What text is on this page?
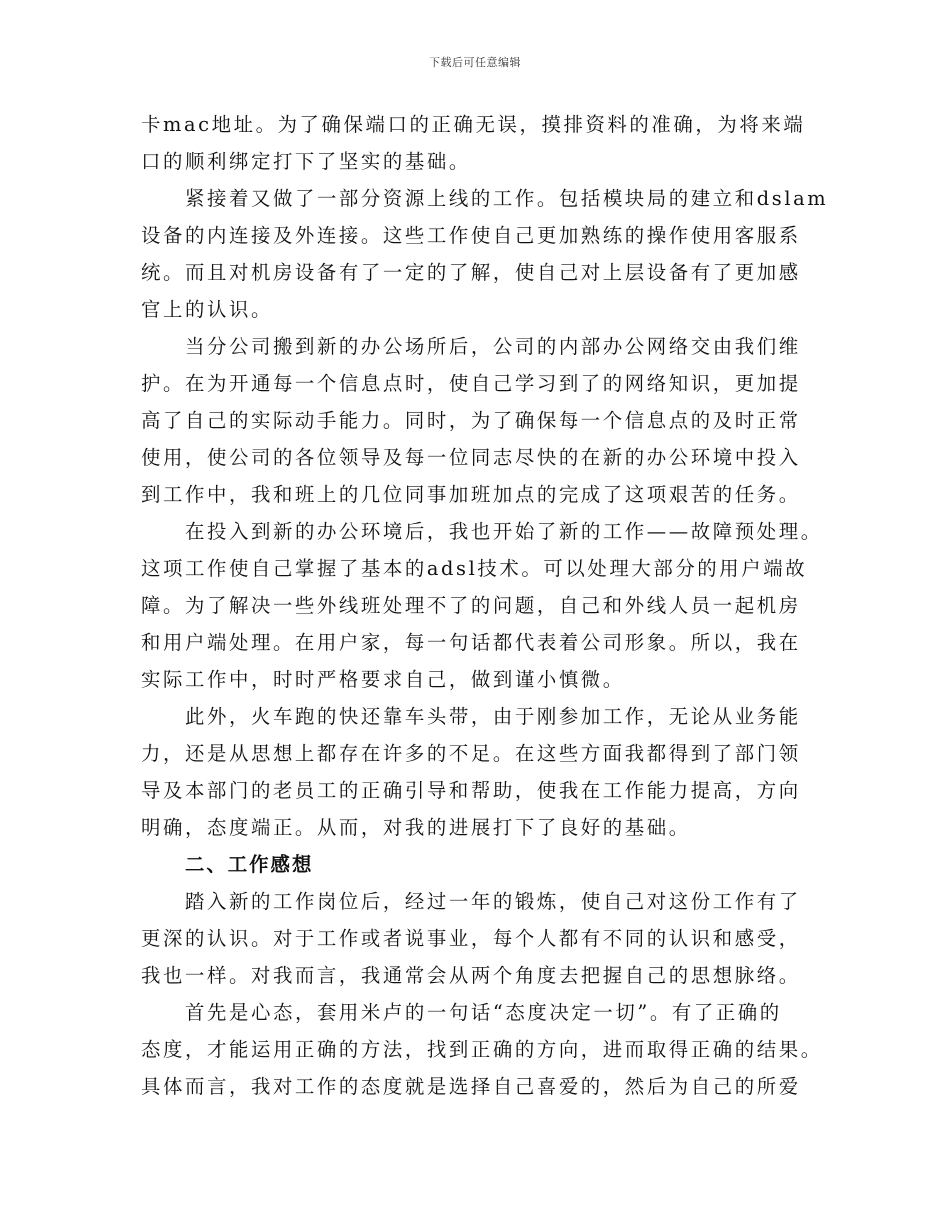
下载后可任意编辑
卡mac地址。为了确保端口的正确无误，摸排资料的准确，为将来端
口的顺利绑定打下了坚实的基础。
紧接着又做了一部分资源上线的工作。包括模块局的建立和dslam
设备的内连接及外连接。这些工作使自己更加熟练的操作使用客服系
统。而且对机房设备有了一定的了解，使自己对上层设备有了更加感
官上的认识。
当分公司搬到新的办公场所后，公司的内部办公网络交由我们维
护。在为开通每一个信息点时，使自己学习到了的网络知识，更加提
高了自己的实际动手能力。同时，为了确保每一个信息点的及时正常
使用，使公司的各位领导及每一位同志尽快的在新的办公环境中投入
到工作中，我和班上的几位同事加班加点的完成了这项艰苦的任务。
在投入到新的办公环境后，我也开始了新的工作——故障预处理。
这项工作使自己掌握了基本的adsl技术。可以处理大部分的用户端故
障。为了解决一些外线班处理不了的问题，自己和外线人员一起机房
和用户端处理。在用户家，每一句话都代表着公司形象。所以，我在
实际工作中，时时严格要求自己，做到谨小慎微。
此外，火车跑的快还靠车头带，由于刚参加工作，无论从业务能
力，还是从思想上都存在许多的不足。在这些方面我都得到了部门领
导及本部门的老员工的正确引导和帮助，使我在工作能力提高，方向
明确，态度端正。从而，对我的进展打下了良好的基础。
二、工作感想
踏入新的工作岗位后，经过一年的锻炼，使自己对这份工作有了
更深的认识。对于工作或者说事业，每个人都有不同的认识和感受，
我也一样。对我而言，我通常会从两个角度去把握自己的思想脉络。
首先是心态，套用米卢的一句话“态度决定一切”。有了正确的
态度，才能运用正确的方法，找到正确的方向，进而取得正确的结果。
具体而言，我对工作的态度就是选择自己喜爱的，然后为自己的所爱
